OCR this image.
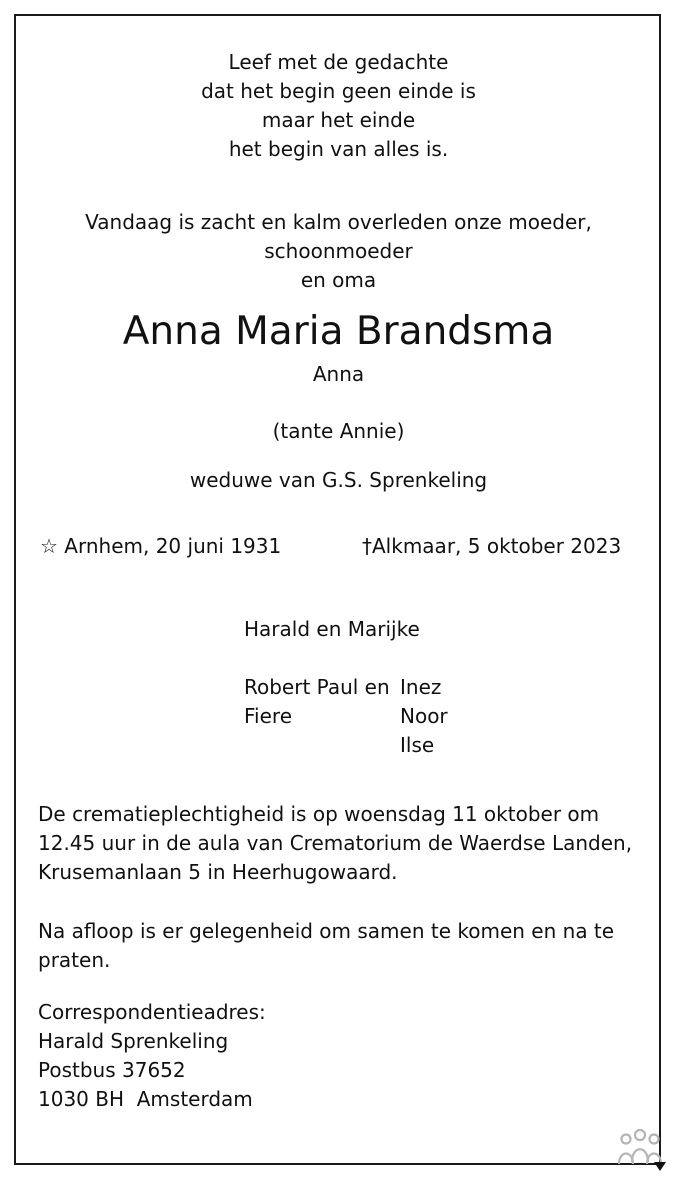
Leef met de gedachte
dat het begin geen einde is
maar het einde
het begin van alles is.
Vandaag is zacht en kalm overleden onze moeder,
schoonmoeder
en oma
Anna Maria Brandsma
Anna
(tante Annie)
weduwe van G.S. Sprenkeling
☆ Arnhem, 20 juni 1931	†Alkmaar, 5 oktober 2023
Harald en Marijke
Robert Paul en Inez
Fiere	Noor
Ilse
De crematieplechtigheid is op woensdag 11 oktober om
12.45 uur in de aula van Crematorium de Waerdse Landen,
Krusemanlaan 5 in Heerhugowaard.
Na afloop is er gelegenheid om samen te komen en na te
praten.
Correspondentieadres:
Harald Sprenkeling
Postbus 37652
1030 BH Amsterdam
